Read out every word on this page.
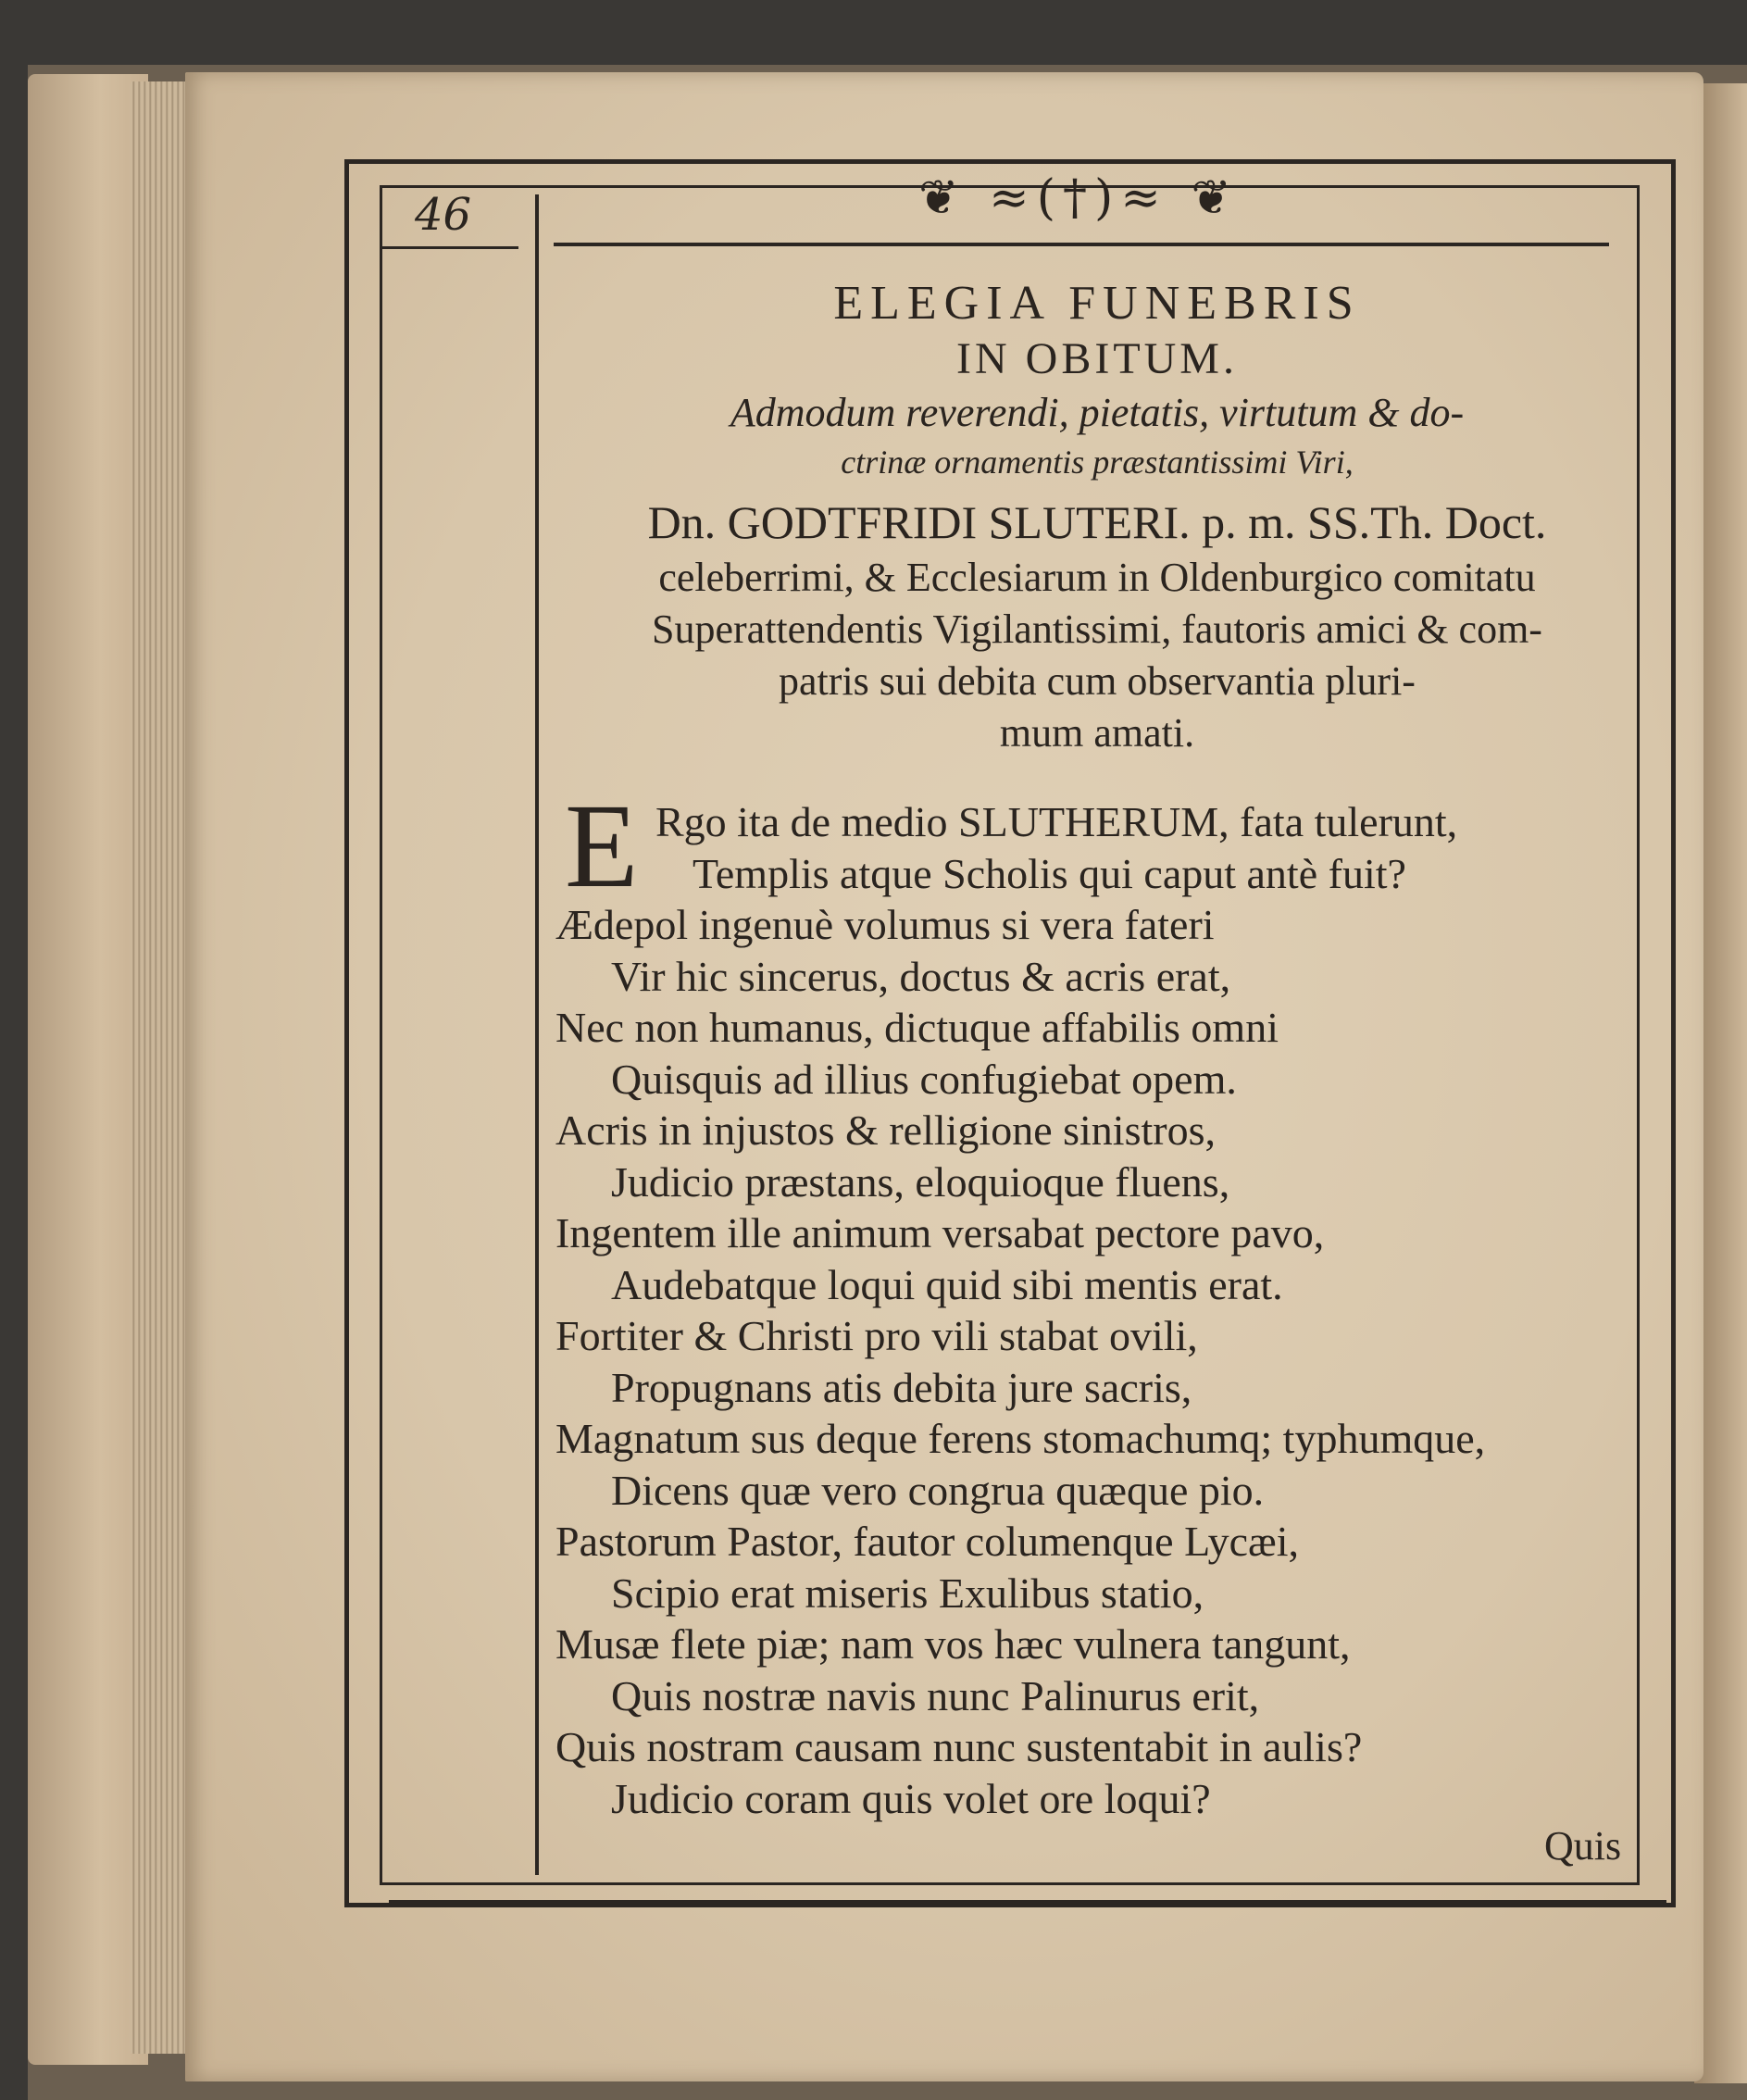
46	❦ ≈(†)≈ ❦
ELEGIA FUNEBRIS
IN OBITUM.
Admodum reverendi, pietatis, virtutum & do-
ctrinæ ornamentis præstantissimi Viri,
Dn. GODTFRIDI SLUTERI. p. m. SS.Th. Doct.
celeberrimi, & Ecclesiarum in Oldenburgico comitatu
Superattendentis Vigilantissimi, fautoris amici & com-
patris sui debita cum observantia pluri-
mum amati.
E Rgo ita de medio SLUTHERUM, fata tulerunt,
Templis atque Scholis qui caput antè fuit?
Ædepol ingenuè volumus si vera fateri
Vir hic sincerus, doctus & acris erat,
Nec non humanus, dictuque affabilis omni
Quisquis ad illius confugiebat opem.
Acris in injustos & relligione sinistros,
Judicio præstans, eloquioque fluens,
Ingentem ille animum versabat pectore pavo,
Audebatque loqui quid sibi mentis erat.
Fortiter & Christi pro vili stabat ovili,
Propugnans atis debita jure sacris,
Magnatum sus deque ferens stomachumq; typhumque,
Dicens quæ vero congrua quæque pio.
Pastorum Pastor, fautor columenque Lycæi,
Scipio erat miseris Exulibus statio,
Musæ flete piæ; nam vos hæc vulnera tangunt,
Quis nostræ navis nunc Palinurus erit,
Quis nostram causam nunc sustentabit in aulis?
Judicio coram quis volet ore loqui?
Quis
